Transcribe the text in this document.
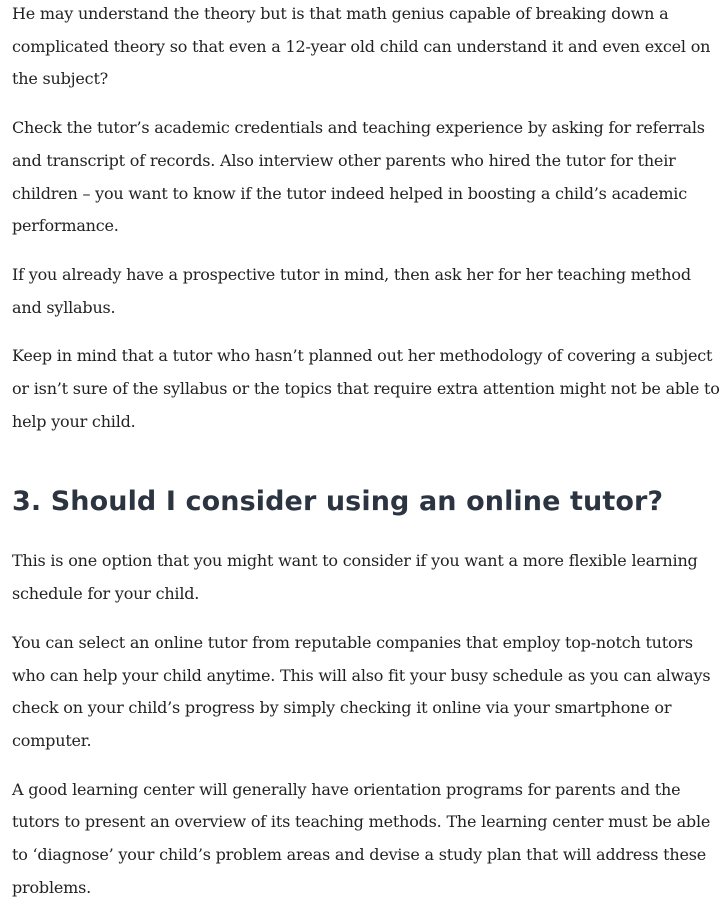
He may understand the theory but is that math genius capable of breaking down a complicated theory so that even a 12-year old child can understand it and even excel on the subject?

Check the tutor’s academic credentials and teaching experience by asking for referrals and transcript of records. Also interview other parents who hired the tutor for their children – you want to know if the tutor indeed helped in boosting a child’s academic performance.

If you already have a prospective tutor in mind, then ask her for her teaching method and syllabus.

Keep in mind that a tutor who hasn’t planned out her methodology of covering a subject or isn’t sure of the syllabus or the topics that require extra attention might not be able to help your child.

3. Should I consider using an online tutor?

This is one option that you might want to consider if you want a more flexible learning schedule for your child.

You can select an online tutor from reputable companies that employ top-notch tutors who can help your child anytime. This will also fit your busy schedule as you can always check on your child’s progress by simply checking it online via your smartphone or computer.

A good learning center will generally have orientation programs for parents and the tutors to present an overview of its teaching methods. The learning center must be able to ‘diagnose’ your child’s problem areas and devise a study plan that will address these problems.
